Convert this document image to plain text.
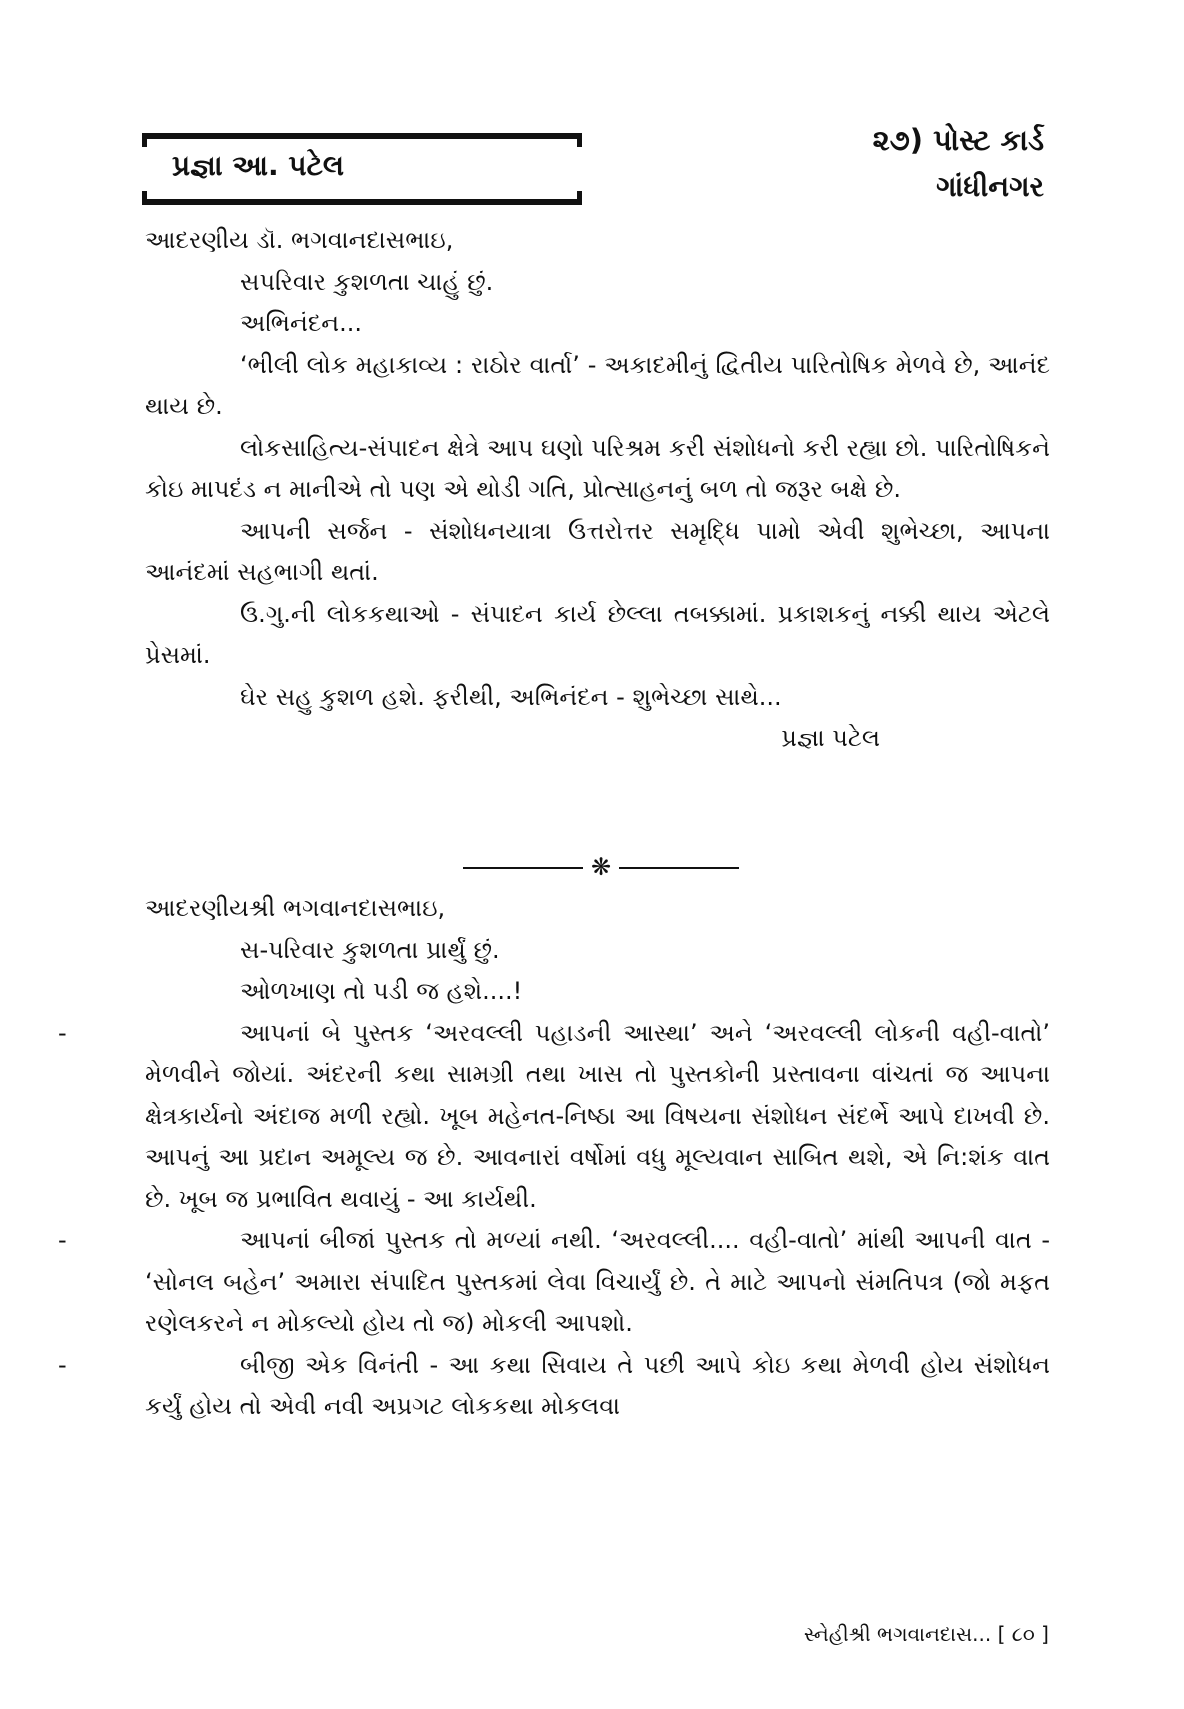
પ્રજ્ઞા આ. પટેલ
૨૭) પોસ્ટ કાર્ડ
ગાંધીનગર

આદરણીય ડૉ. ભગવાનદાસભાઇ,

સપરિવાર કુશળતા ચાહું છું.

અભિનંદન...

‘ભીલી લોક મહાકાવ્ય : રાઠોર વાર્તા’ - અકાદમીનું દ્વિતીય પારિતોષિક મેળવે છે, આનંદ થાય છે.

લોકસાહિત્ય-સંપાદન ક્ષેત્રે આપ ઘણો પરિશ્રમ કરી સંશોધનો કરી રહ્યા છો. પારિતોષિકને કોઇ માપદંડ ન માનીએ તો પણ એ થોડી ગતિ, પ્રોત્સાહનનું બળ તો જરૂર બક્ષે છે.

આપની સર્જન - સંશોધનયાત્રા ઉત્તરોત્તર સમૃદ્ધિ પામો એવી શુભેચ્છા, આપના આનંદમાં સહભાગી થતાં.

ઉ.ગુ.ની લોકકથાઓ - સંપાદન કાર્ય છેલ્લા તબક્કામાં. પ્રકાશકનું નક્કી થાય એટલે પ્રેસમાં.

ઘેર સહુ કુશળ હશે. ફરીથી, અભિનંદન - શુભેચ્છા સાથે...

પ્રજ્ઞા પટેલ

❋

આદરણીયશ્રી ભગવાનદાસભાઇ,

સ-પરિવાર કુશળતા પ્રાર્થું છું.

ઓળખાણ તો પડી જ હશે....!

-	આપનાં બે પુસ્તક ‘અરવલ્લી પહાડની આસ્થા’ અને ‘અરવલ્લી લોકની વહી-વાતો’ મેળવીને જોયાં. અંદરની કથા સામગ્રી તથા ખાસ તો પુસ્તકોની પ્રસ્તાવના વાંચતાં જ આપના ક્ષેત્રકાર્યનો અંદાજ મળી રહ્યો. ખૂબ મહેનત-નિષ્ઠા આ વિષયના સંશોધન સંદર્ભે આપે દાખવી છે. આપનું આ પ્રદાન અમૂલ્ય જ છે. આવનારાં વર્ષોમાં વધુ મૂલ્યવાન સાબિત થશે, એ નિ:શંક વાત છે. ખૂબ જ પ્રભાવિત થવાયું - આ કાર્યથી.

-	આપનાં બીજાં પુસ્તક તો મળ્યાં નથી. ‘અરવલ્લી.... વહી-વાતો’ માંથી આપની વાત - ‘સોનલ બહેન’ અમારા સંપાદિત પુસ્તકમાં લેવા વિચાર્યું છે. તે માટે આપનો સંમતિપત્ર (જો મફત રણેલકરને ન મોકલ્યો હોય તો જ) મોકલી આપશો.

-	બીજી એક વિનંતી - આ કથા સિવાય તે પછી આપે કોઇ કથા મેળવી હોય સંશોધન કર્યું હોય તો એવી નવી અપ્રગટ લોકકથા મોકલવા

સ્નેહીશ્રી ભગવાનદાસ... [ ૮૦ ]
